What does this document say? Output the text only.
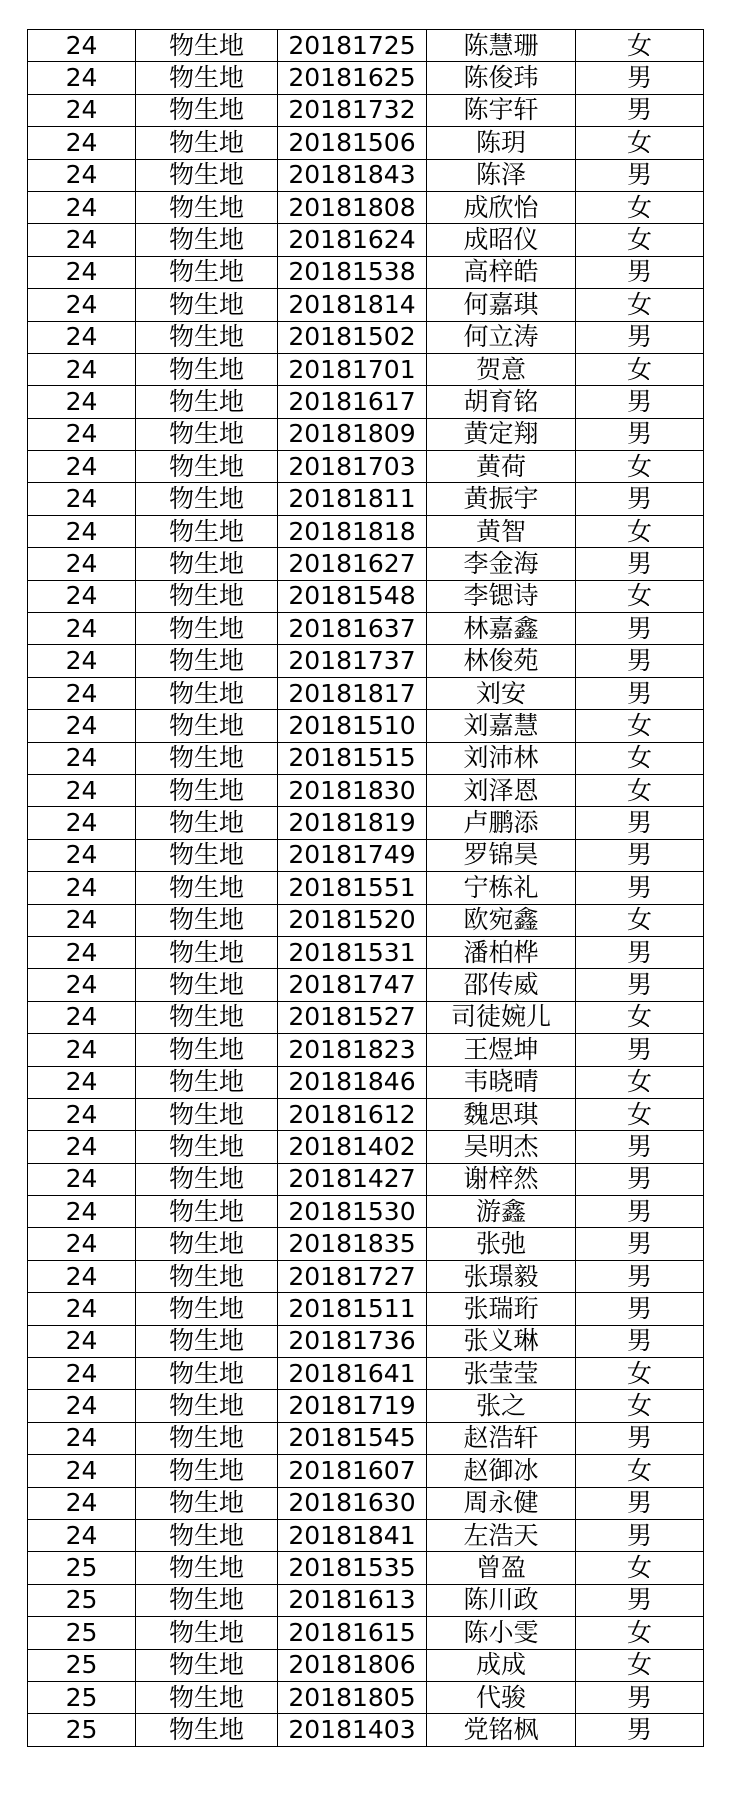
24	物生地	20181725	陈慧珊	女
24	物生地	20181625	陈俊玮	男
24	物生地	20181732	陈宇轩	男
24	物生地	20181506	陈玥	女
24	物生地	20181843	陈泽	男
24	物生地	20181808	成欣怡	女
24	物生地	20181624	成昭仪	女
24	物生地	20181538	高梓皓	男
24	物生地	20181814	何嘉琪	女
24	物生地	20181502	何立涛	男
24	物生地	20181701	贺意	女
24	物生地	20181617	胡育铭	男
24	物生地	20181809	黄定翔	男
24	物生地	20181703	黄荷	女
24	物生地	20181811	黄振宇	男
24	物生地	20181818	黄智	女
24	物生地	20181627	李金海	男
24	物生地	20181548	李锶诗	女
24	物生地	20181637	林嘉鑫	男
24	物生地	20181737	林俊苑	男
24	物生地	20181817	刘安	男
24	物生地	20181510	刘嘉慧	女
24	物生地	20181515	刘沛林	女
24	物生地	20181830	刘泽恩	女
24	物生地	20181819	卢鹏添	男
24	物生地	20181749	罗锦昊	男
24	物生地	20181551	宁栋礼	男
24	物生地	20181520	欧宛鑫	女
24	物生地	20181531	潘柏桦	男
24	物生地	20181747	邵传威	男
24	物生地	20181527	司徒婉儿	女
24	物生地	20181823	王煜坤	男
24	物生地	20181846	韦晓晴	女
24	物生地	20181612	魏思琪	女
24	物生地	20181402	吴明杰	男
24	物生地	20181427	谢梓然	男
24	物生地	20181530	游鑫	男
24	物生地	20181835	张弛	男
24	物生地	20181727	张璟毅	男
24	物生地	20181511	张瑞珩	男
24	物生地	20181736	张义琳	男
24	物生地	20181641	张莹莹	女
24	物生地	20181719	张之	女
24	物生地	20181545	赵浩轩	男
24	物生地	20181607	赵御冰	女
24	物生地	20181630	周永健	男
24	物生地	20181841	左浩天	男
25	物生地	20181535	曾盈	女
25	物生地	20181613	陈川政	男
25	物生地	20181615	陈小雯	女
25	物生地	20181806	成成	女
25	物生地	20181805	代骏	男
25	物生地	20181403	党铭枫	男
